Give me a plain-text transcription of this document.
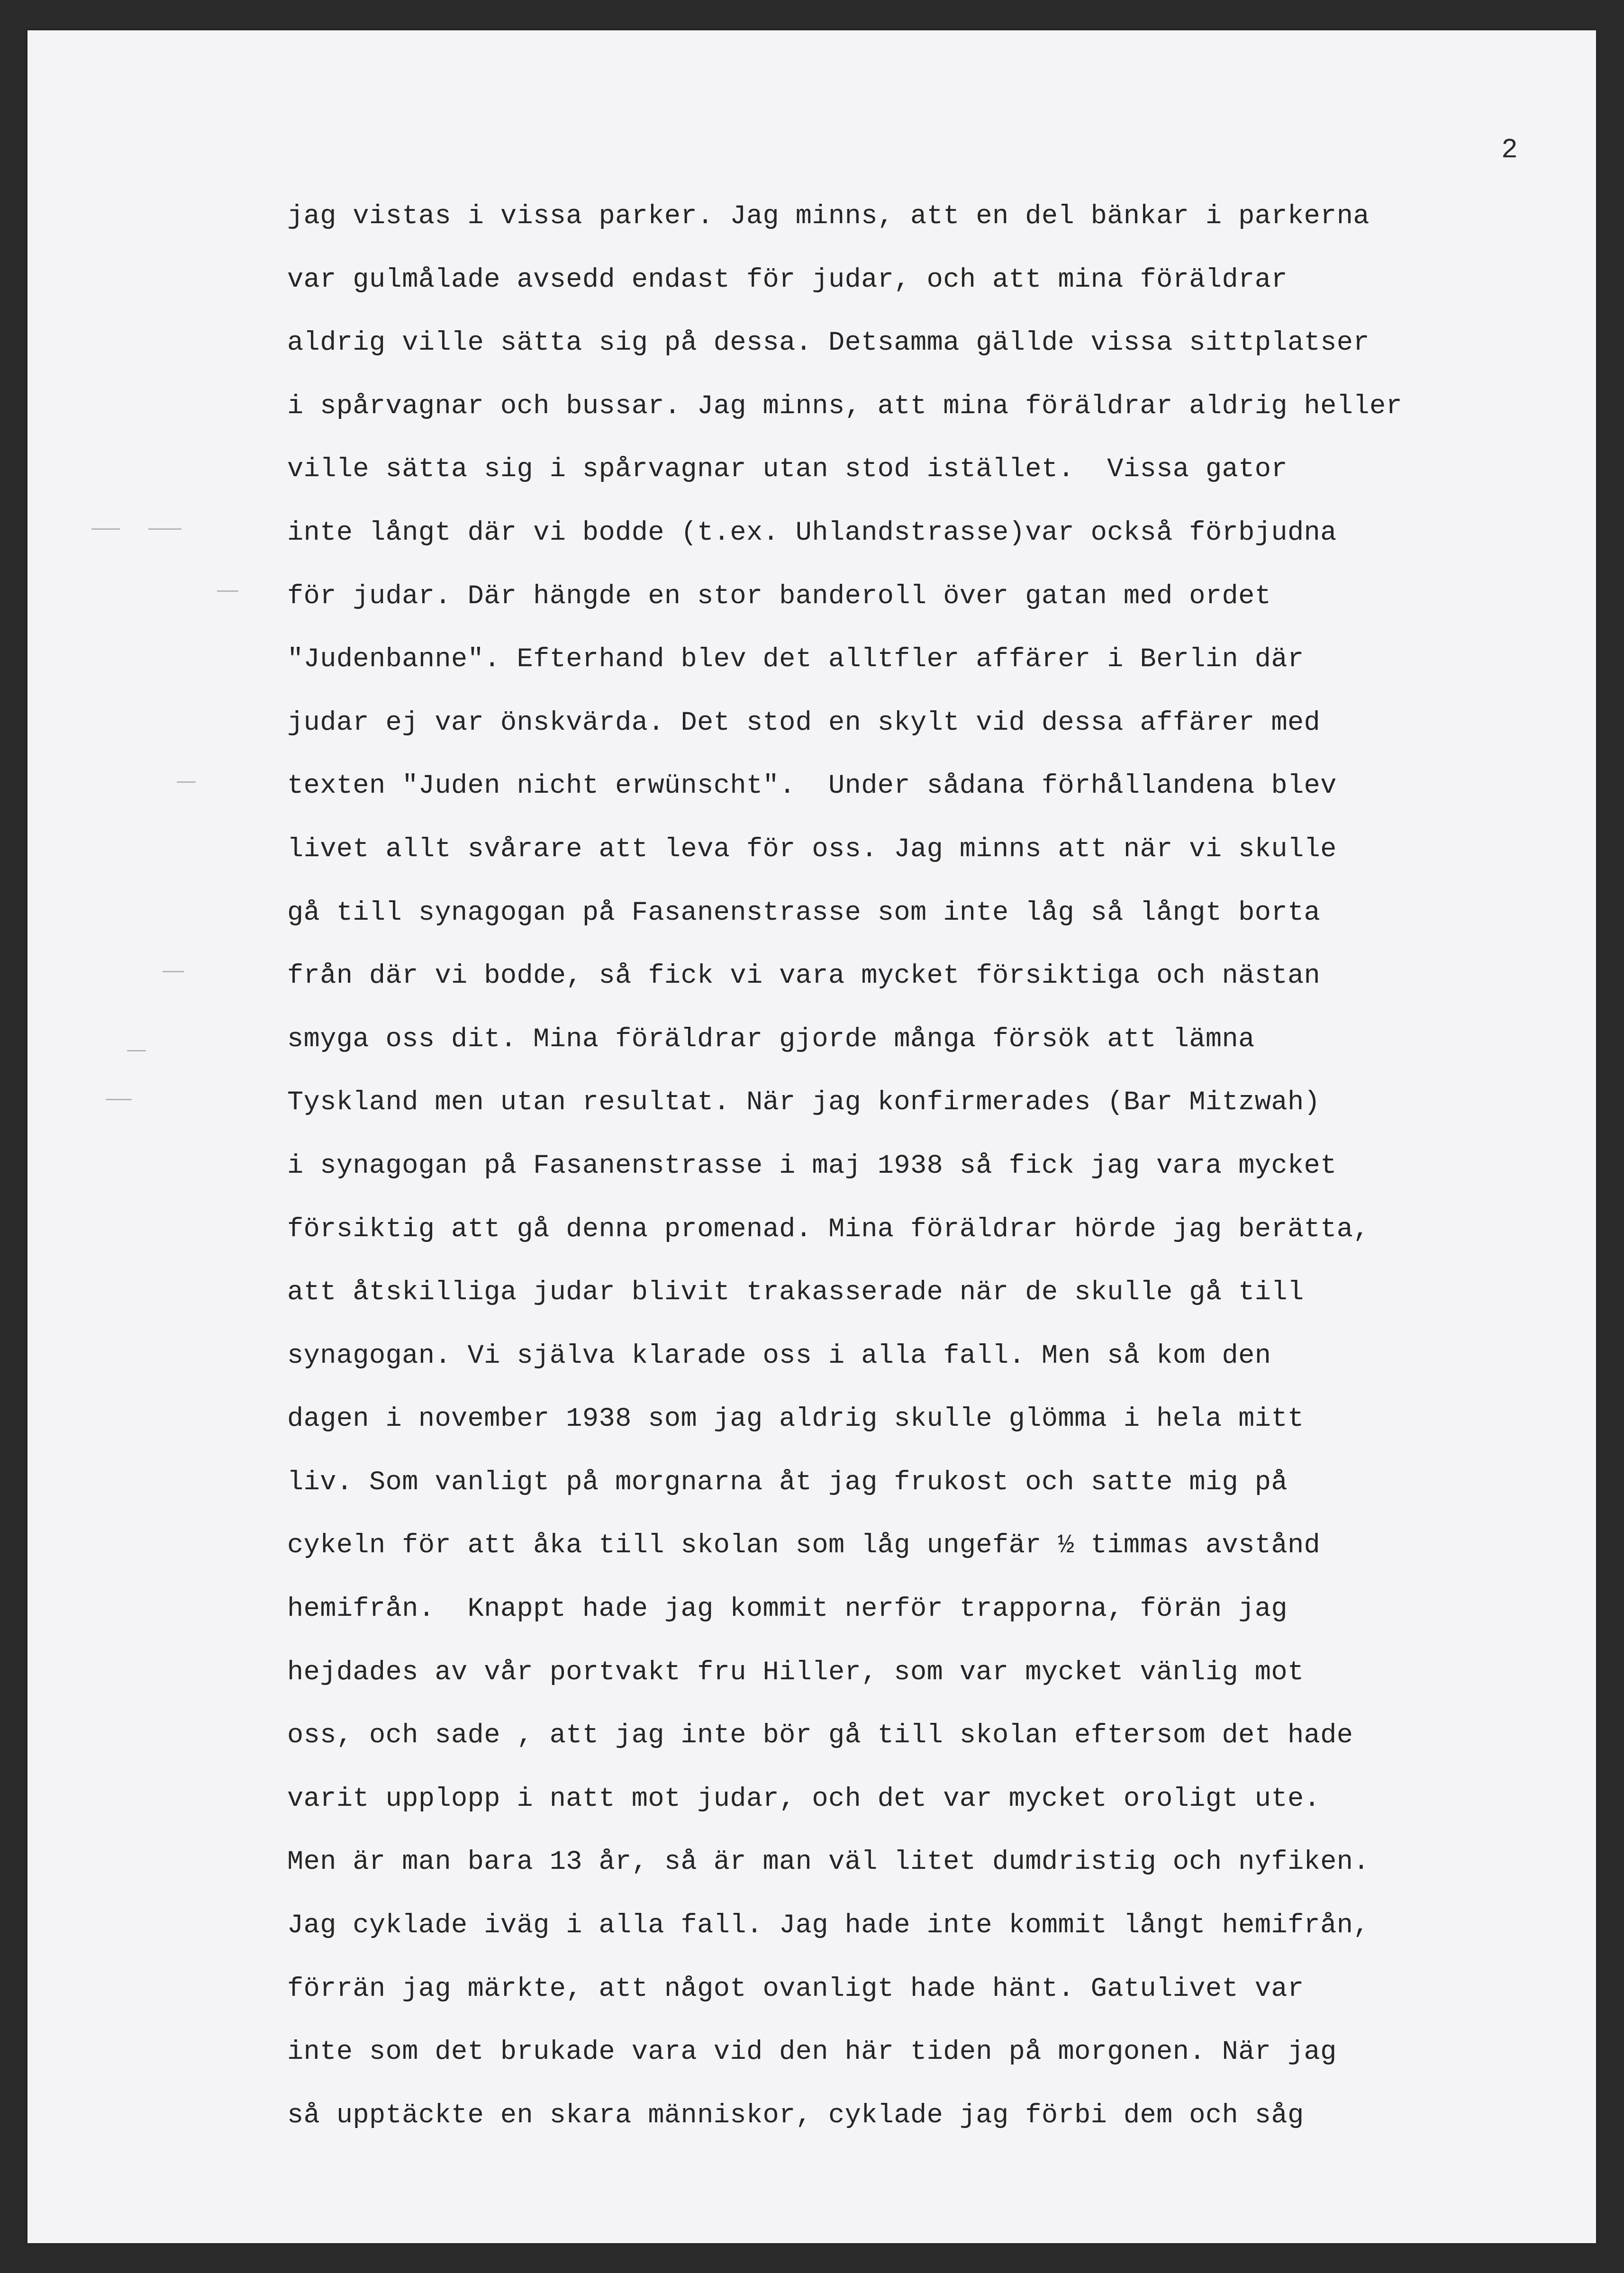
2
jag vistas i vissa parker. Jag minns, att en del bänkar i parkerna
var gulmålade avsedd endast för judar, och att mina föräldrar
aldrig ville sätta sig på dessa. Detsamma gällde vissa sittplatser
i spårvagnar och bussar. Jag minns, att mina föräldrar aldrig heller
ville sätta sig i spårvagnar utan stod istället.  Vissa gator
inte långt där vi bodde (t.ex. Uhlandstrasse)var också förbjudna
för judar. Där hängde en stor banderoll över gatan med ordet
"Judenbanne". Efterhand blev det alltfler affärer i Berlin där
judar ej var önskvärda. Det stod en skylt vid dessa affärer med
texten "Juden nicht erwünscht".  Under sådana förhållandena blev
livet allt svårare att leva för oss. Jag minns att när vi skulle
gå till synagogan på Fasanenstrasse som inte låg så långt borta
från där vi bodde, så fick vi vara mycket försiktiga och nästan
smyga oss dit. Mina föräldrar gjorde många försök att lämna
Tyskland men utan resultat. När jag konfirmerades (Bar Mitzwah)
i synagogan på Fasanenstrasse i maj 1938 så fick jag vara mycket
försiktig att gå denna promenad. Mina föräldrar hörde jag berätta,
att åtskilliga judar blivit trakasserade när de skulle gå till
synagogan. Vi själva klarade oss i alla fall. Men så kom den
dagen i november 1938 som jag aldrig skulle glömma i hela mitt
liv. Som vanligt på morgnarna åt jag frukost och satte mig på
cykeln för att åka till skolan som låg ungefär ½ timmas avstånd
hemifrån.  Knappt hade jag kommit nerför trapporna, förän jag
hejdades av vår portvakt fru Hiller, som var mycket vänlig mot
oss, och sade , att jag inte bör gå till skolan eftersom det hade
varit upplopp i natt mot judar, och det var mycket oroligt ute.
Men är man bara 13 år, så är man väl litet dumdristig och nyfiken.
Jag cyklade iväg i alla fall. Jag hade inte kommit långt hemifrån,
förrän jag märkte, att något ovanligt hade hänt. Gatulivet var
inte som det brukade vara vid den här tiden på morgonen. När jag
så upptäckte en skara människor, cyklade jag förbi dem och såg
